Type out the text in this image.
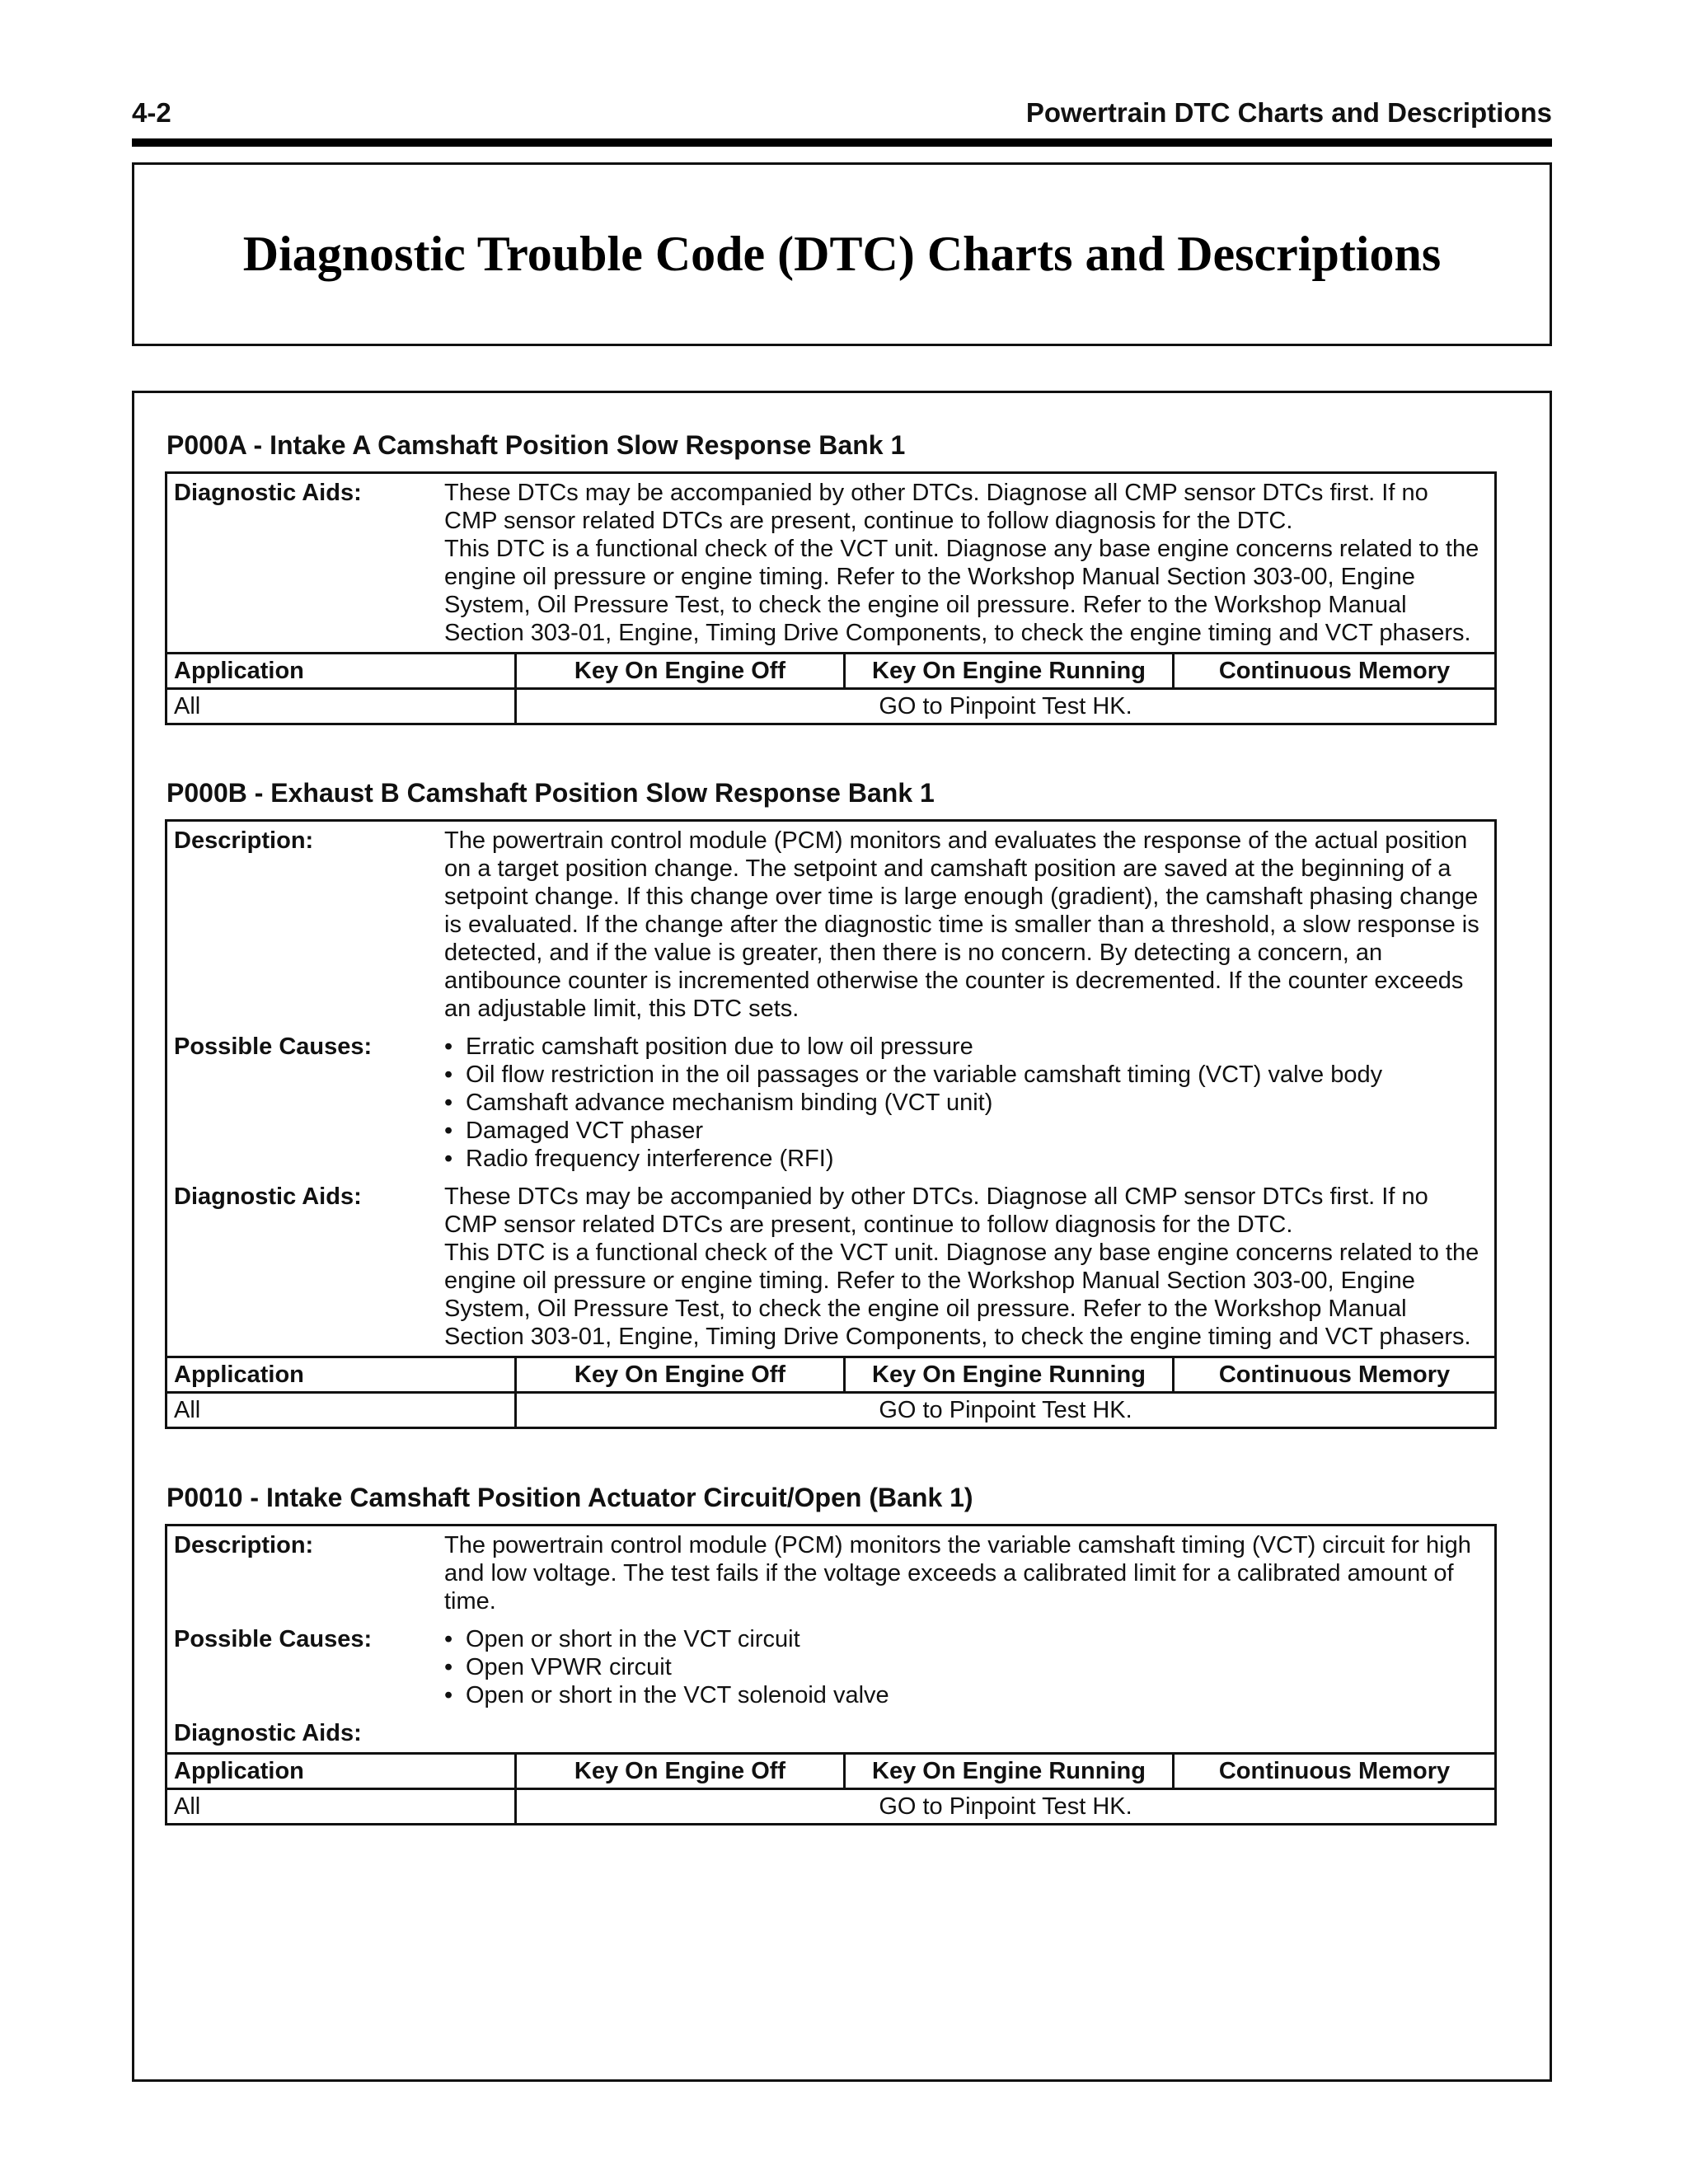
4-2	Powertrain DTC Charts and Descriptions
Diagnostic Trouble Code (DTC) Charts and Descriptions
P000A - Intake A Camshaft Position Slow Response Bank 1
Diagnostic Aids:	These DTCs may be accompanied by other DTCs. Diagnose all CMP sensor DTCs first. If no CMP sensor related DTCs are present, continue to follow diagnosis for the DTC.

This DTC is a functional check of the VCT unit. Diagnose any base engine concerns related to the engine oil pressure or engine timing. Refer to the Workshop Manual Section 303-00, Engine System, Oil Pressure Test, to check the engine oil pressure. Refer to the Workshop Manual Section 303-01, Engine, Timing Drive Components, to check the engine timing and VCT phasers.

Application	Key On Engine Off	Key On Engine Running	Continuous Memory
All	GO to Pinpoint Test HK.		
P000B - Exhaust B Camshaft Position Slow Response Bank 1
Description:	The powertrain control module (PCM) monitors and evaluates the response of the actual position on a target position change. The setpoint and camshaft position are saved at the beginning of a setpoint change. If this change over time is large enough (gradient), the camshaft phasing change is evaluated. If the change after the diagnostic time is smaller than a threshold, a slow response is detected, and if the value is greater, then there is no concern. By detecting a concern, an antibounce counter is incremented otherwise the counter is decremented. If the counter exceeds an adjustable limit, this DTC sets.

Possible Causes:	• Erratic camshaft position due to low oil pressure
• Oil flow restriction in the oil passages or the variable camshaft timing (VCT) valve body
• Camshaft advance mechanism binding (VCT unit)
• Damaged VCT phaser
• Radio frequency interference (RFI)
Diagnostic Aids:	These DTCs may be accompanied by other DTCs. Diagnose all CMP sensor DTCs first. If no CMP sensor related DTCs are present, continue to follow diagnosis for the DTC.

This DTC is a functional check of the VCT unit. Diagnose any base engine concerns related to the engine oil pressure or engine timing. Refer to the Workshop Manual Section 303-00, Engine System, Oil Pressure Test, to check the engine oil pressure. Refer to the Workshop Manual Section 303-01, Engine, Timing Drive Components, to check the engine timing and VCT phasers.

Application	Key On Engine Off	Key On Engine Running	Continuous Memory
All	GO to Pinpoint Test HK.		
P0010 - Intake Camshaft Position Actuator Circuit/Open (Bank 1)
Description:	The powertrain control module (PCM) monitors the variable camshaft timing (VCT) circuit for high and low voltage. The test fails if the voltage exceeds a calibrated limit for a calibrated amount of time.

Possible Causes:	• Open or short in the VCT circuit
• Open VPWR circuit
• Open or short in the VCT solenoid valve
Diagnostic Aids:
Application	Key On Engine Off	Key On Engine Running	Continuous Memory
All	GO to Pinpoint Test HK.		
